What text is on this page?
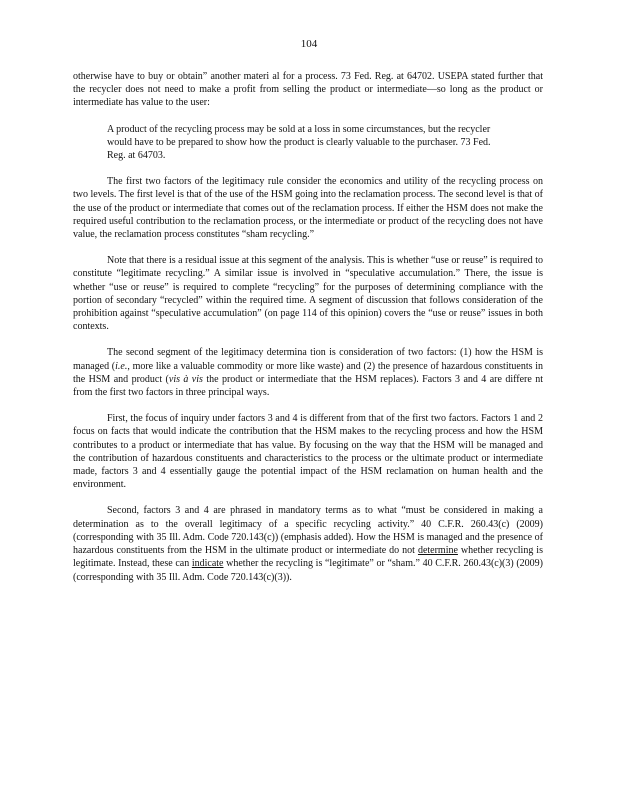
104

otherwise have to buy or obtain” another materi al for a process. 73 Fed. Reg. at 64702. USEPA stated further that the recycler does not need to make a profit from selling the product or intermediate—so long as the product or intermediate has value to the user:

A product of the recycling process may be sold at a loss in some circumstances, but the recycler would have to be prepared to show how the product is clearly valuable to the purchaser. 73 Fed. Reg. at 64703.

The first two factors of the legitimacy rule consider the economics and utility of the recycling process on two levels. The first level is that of the use of the HSM going into the reclamation process. The second level is that of the use of the product or intermediate that comes out of the reclamation process. If either the HSM does not make the required useful contribution to the reclamation process, or the intermediate or product of the recycling does not have value, the reclamation process constitutes “sham recycling.”

Note that there is a residual issue at this segment of the analysis. This is whether “use or reuse” is required to constitute “legitimate recycling.” A similar issue is involved in “speculative accumulation.” There, the issue is whether “use or reuse” is required to complete “recycling” for the purposes of determining compliance with the portion of secondary “recycled” within the required time. A segment of discussion that follows consideration of the prohibition against “speculative accumulation” (on page 114 of this opinion) covers the “use or reuse” issues in both contexts.

The second segment of the legitimacy determina tion is consideration of two factors: (1) how the HSM is managed (i.e., more like a valuable commodity or more like waste) and (2) the presence of hazardous constituents in the HSM and product (vis à vis the product or intermediate that the HSM replaces). Factors 3 and 4 are differe nt from the first two factors in three principal ways.

First, the focus of inquiry under factors 3 and 4 is different from that of the first two factors. Factors 1 and 2 focus on facts that would indicate the contribution that the HSM makes to the recycling process and how the HSM contributes to a product or intermediate that has value. By focusing on the way that the HSM will be managed and the contribution of hazardous constituents and characteristics to the process or the ultimate product or intermediate made, factors 3 and 4 essentially gauge the potential impact of the HSM reclamation on human health and the environment.

Second, factors 3 and 4 are phrased in mandatory terms as to what “must be considered in making a determination as to the overall legitimacy of a specific recycling activity.” 40 C.F.R. 260.43(c) (2009) (corresponding with 35 Ill. Adm. Code 720.143(c)) (emphasis added). How the HSM is managed and the presence of hazardous constituents from the HSM in the ultimate product or intermediate do not determine whether recycling is legitimate. Instead, these can indicate whether the recycling is “legitimate” or “sham.” 40 C.F.R. 260.43(c)(3) (2009) (corresponding with 35 Ill. Adm. Code 720.143(c)(3)).
